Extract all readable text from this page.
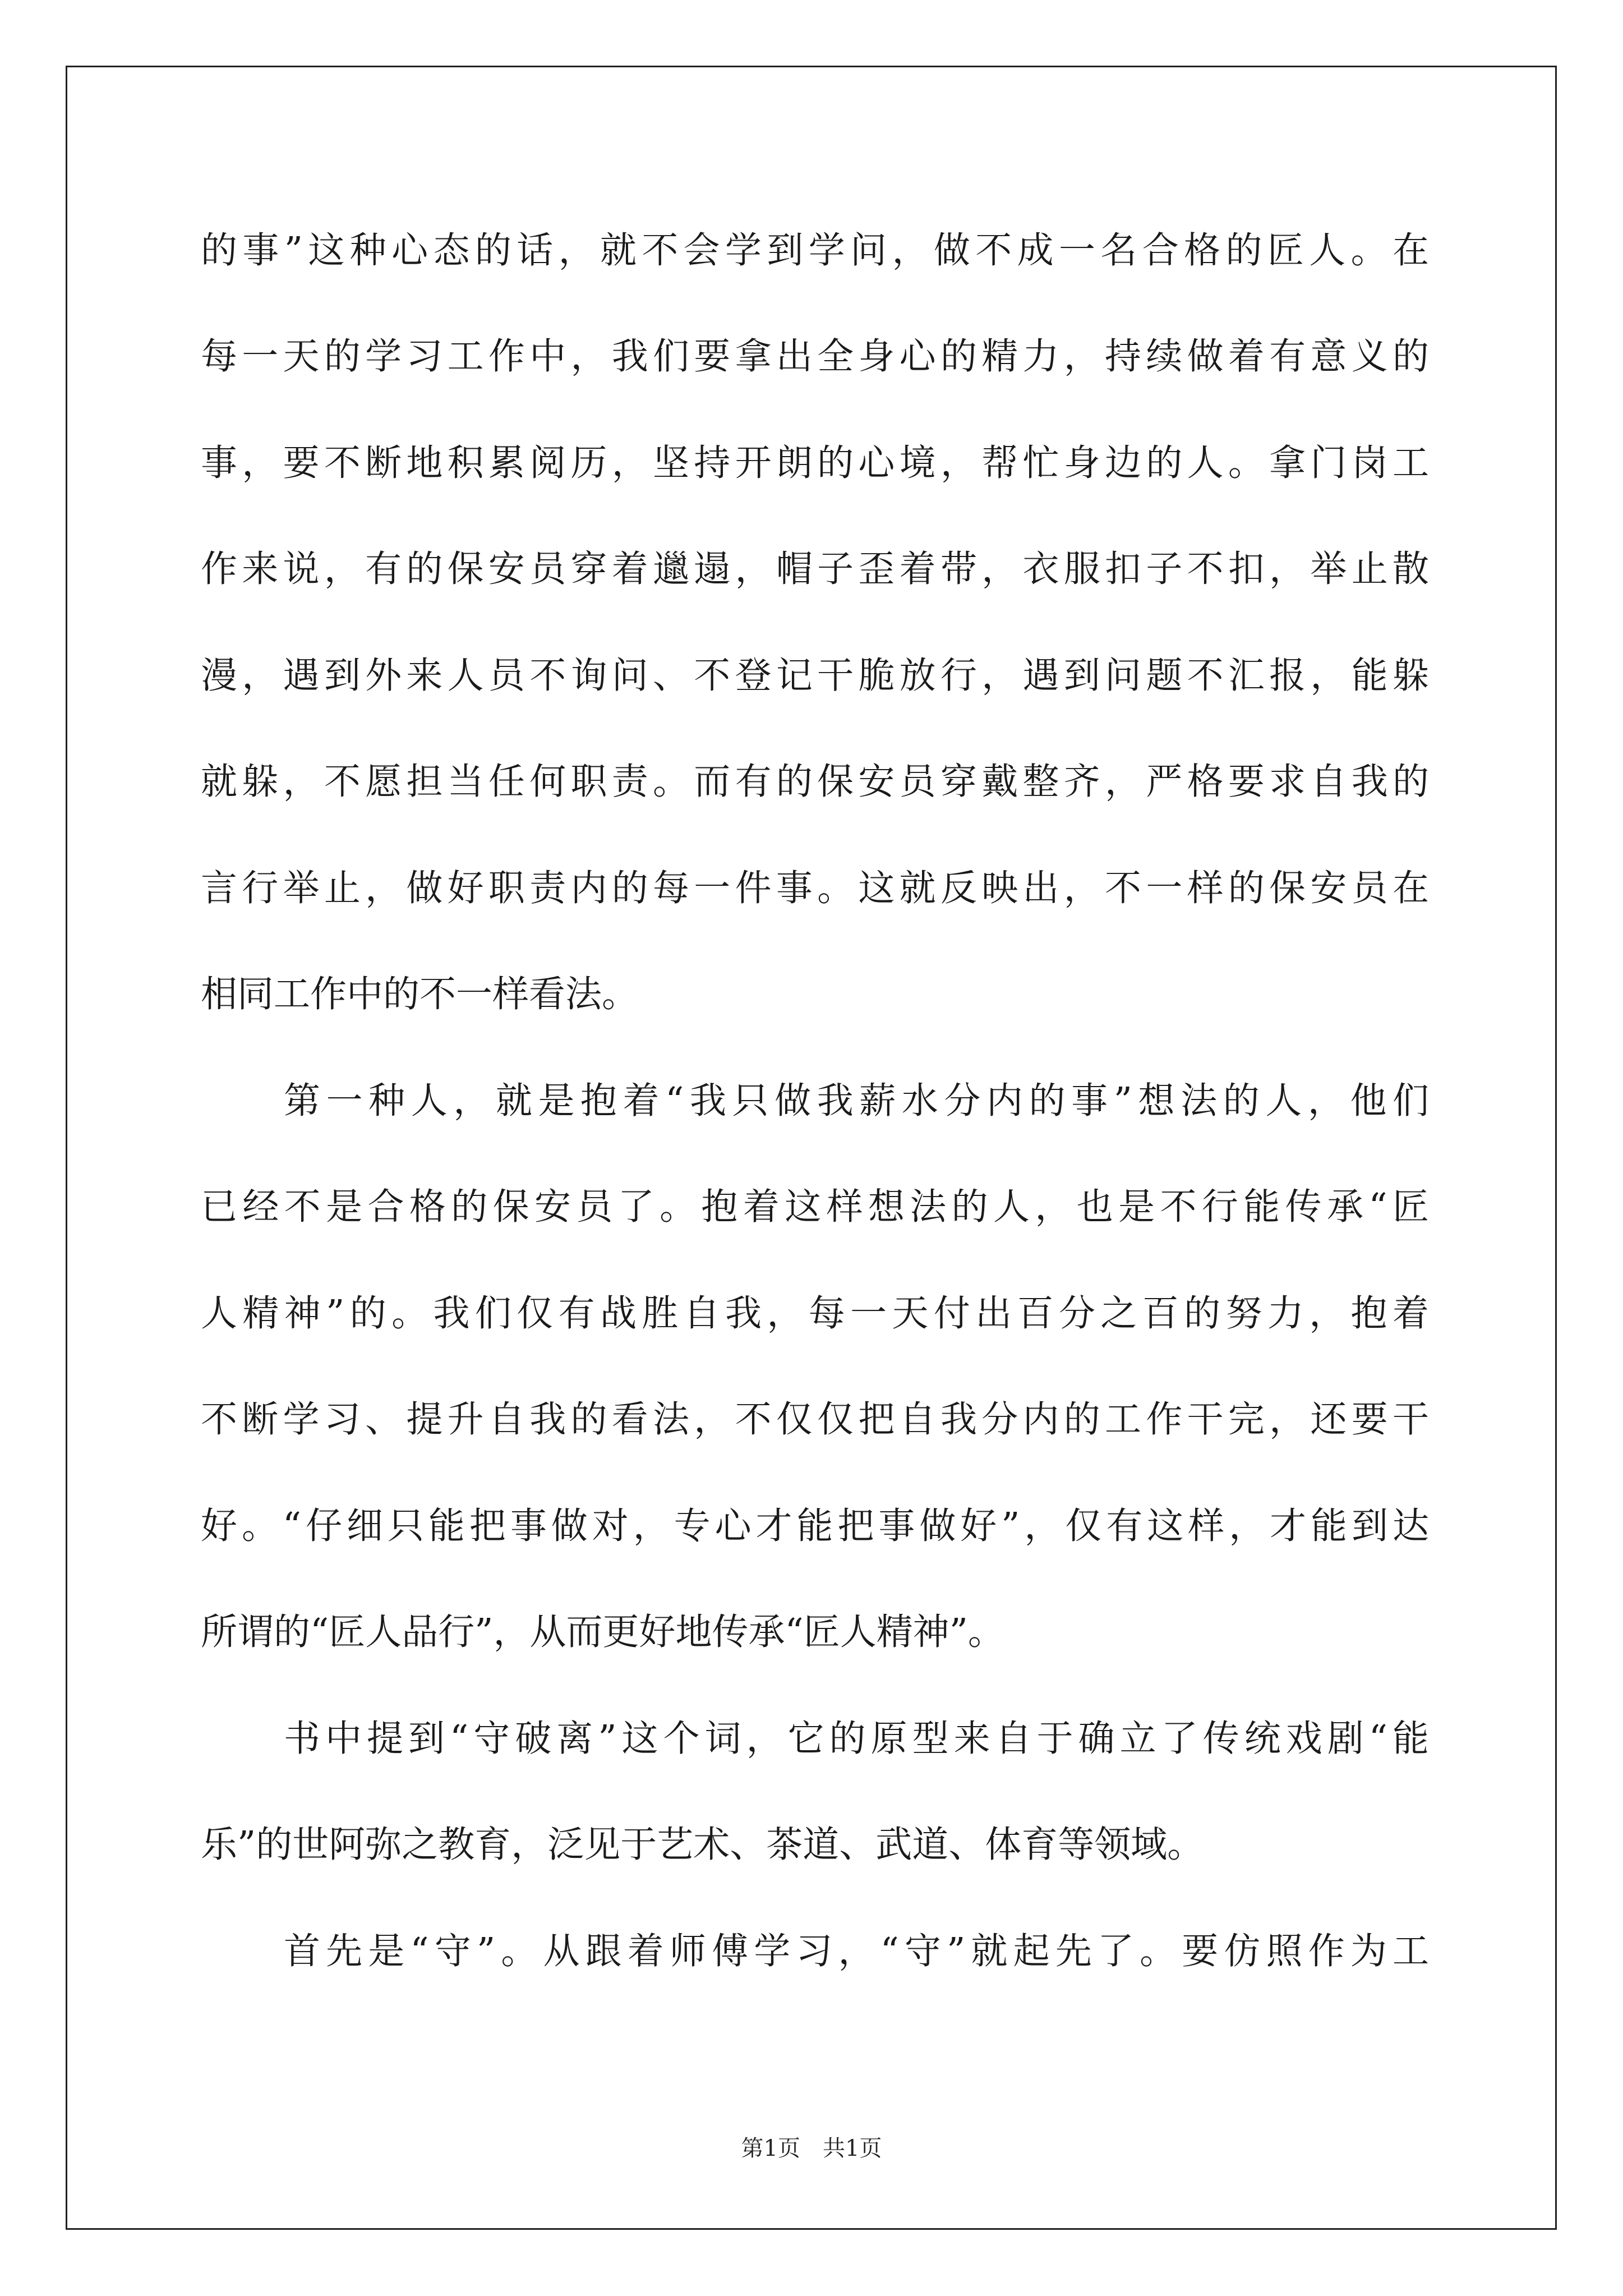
的事”这种心态的话，就不会学到学问，做不成一名合格的匠人。在
每一天的学习工作中，我们要拿出全身心的精力，持续做着有意义的
事，要不断地积累阅历，坚持开朗的心境，帮忙身边的人。拿门岗工
作来说，有的保安员穿着邋遢，帽子歪着带，衣服扣子不扣，举止散
漫，遇到外来人员不询问、不登记干脆放行，遇到问题不汇报，能躲
就躲，不愿担当任何职责。而有的保安员穿戴整齐，严格要求自我的
言行举止，做好职责内的每一件事。这就反映出，不一样的保安员在
相同工作中的不一样看法。
第一种人，就是抱着“我只做我薪水分内的事”想法的人，他们
已经不是合格的保安员了。抱着这样想法的人，也是不行能传承“匠
人精神”的。我们仅有战胜自我，每一天付出百分之百的努力，抱着
不断学习、提升自我的看法，不仅仅把自我分内的工作干完，还要干
好。“仔细只能把事做对，专心才能把事做好”，仅有这样，才能到达
所谓的“匠人品行”，从而更好地传承“匠人精神”。
书中提到“守破离”这个词，它的原型来自于确立了传统戏剧“能
乐”的世阿弥之教育，泛见于艺术、茶道、武道、体育等领域。
首先是“守”。从跟着师傅学习，“守”就起先了。要仿照作为工
第1页　共1页
